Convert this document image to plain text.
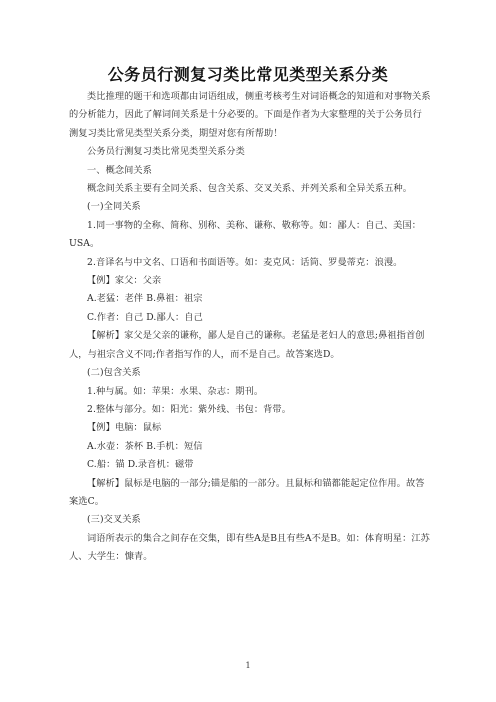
公务员行测复习类比常见类型关系分类

类比推理的题干和选项都由词语组成，侧重考核考生对词语概念的知道和对事物关系的分析能力，因此了解词间关系是十分必要的。下面是作者为大家整理的关于公务员行测复习类比常见类型关系分类，期望对您有所帮助！

公务员行测复习类比常见类型关系分类

一、概念间关系

概念间关系主要有全同关系、包含关系、交叉关系、并列关系和全异关系五种。

(一)全同关系

1.同一事物的全称、简称、别称、美称、谦称、敬称等。如：鄙人：自己、美国：USA。

2.音译名与中文名、口语和书面语等。如：麦克风：话筒、罗曼蒂克：浪漫。

【例】家父：父亲

A.老猛：老伴 B.鼻祖：祖宗

C.作者：自己 D.鄙人：自己

【解析】家父是父亲的谦称，鄙人是自己的谦称。老猛是老妇人的意思;鼻祖指首创人，与祖宗含义不同;作者指写作的人，而不是自己。故答案选D。

(二)包含关系

1.种与属。如：苹果：水果、杂志：期刊。

2.整体与部分。如：阳光：紫外线、书包：背带。

【例】电脑：鼠标

A.水壶：茶杯 B.手机：短信

C.船：锚 D.录音机：磁带

【解析】鼠标是电脑的一部分;锚是船的一部分。且鼠标和锚都能起定位作用。故答案选C。

(三)交叉关系

词语所表示的集合之间存在交集，即有些A是B且有些A不是B。如：体育明星：江苏人、大学生：慷青。

1
